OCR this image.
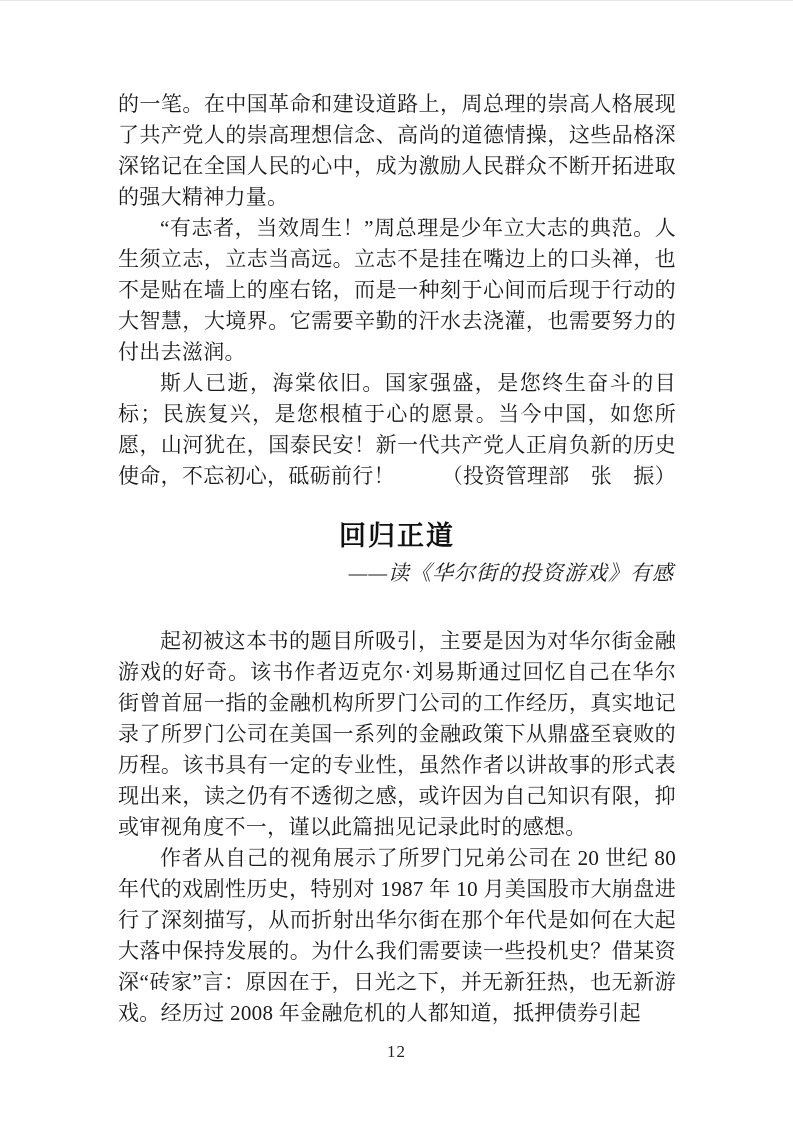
的一笔。在中国革命和建设道路上，周总理的崇高人格展现了共产党人的崇高理想信念、高尚的道德情操，这些品格深深铭记在全国人民的心中，成为激励人民群众不断开拓进取的强大精神力量。

“有志者，当效周生！”周总理是少年立大志的典范。人生须立志，立志当高远。立志不是挂在嘴边上的口头禅，也不是贴在墙上的座右铭，而是一种刻于心间而后现于行动的大智慧，大境界。它需要辛勤的汗水去浇灌，也需要努力的付出去滋润。

斯人已逝，海棠依旧。国家强盛，是您终生奋斗的目标；民族复兴，是您根植于心的愿景。当今中国，如您所愿，山河犹在，国泰民安！新一代共产党人正肩负新的历史使命，不忘初心，砥砺前行！ （投资管理部　张　振）

回归正道
——读《华尔街的投资游戏》有感

起初被这本书的题目所吸引，主要是因为对华尔街金融游戏的好奇。该书作者迈克尔·刘易斯通过回忆自己在华尔街曾首屈一指的金融机构所罗门公司的工作经历，真实地记录了所罗门公司在美国一系列的金融政策下从鼎盛至衰败的历程。该书具有一定的专业性，虽然作者以讲故事的形式表现出来，读之仍有不透彻之感，或许因为自己知识有限，抑或审视角度不一，谨以此篇拙见记录此时的感想。

作者从自己的视角展示了所罗门兄弟公司在 20 世纪 80 年代的戏剧性历史，特别对 1987 年 10 月美国股市大崩盘进行了深刻描写，从而折射出华尔街在那个年代是如何在大起大落中保持发展的。为什么我们需要读一些投机史？借某资深“砖家”言：原因在于，日光之下，并无新狂热，也无新游戏。经历过 2008 年金融危机的人都知道，抵押债券引起

12
